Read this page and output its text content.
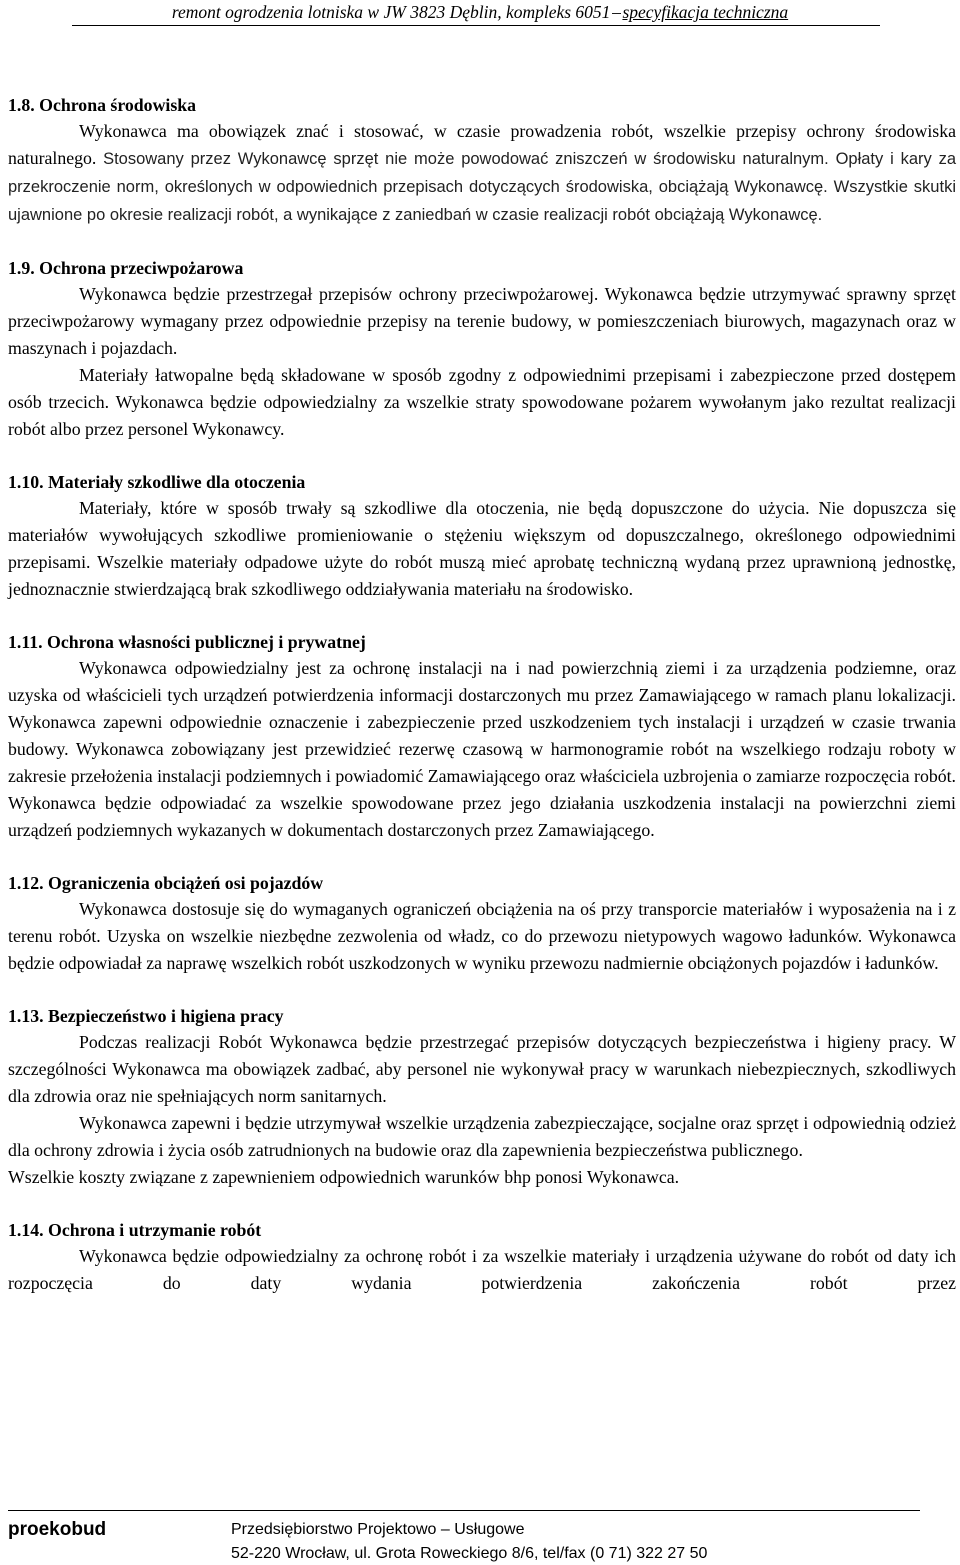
remont ogrodzenia lotniska w JW 3823 Dęblin, kompleks 6051–specyfikacja techniczna
1.8. Ochrona środowiska

Wykonawca ma obowiązek znać i stosować, w czasie prowadzenia robót, wszelkie przepisy ochrony środowiska naturalnego. Stosowany przez Wykonawcę sprzęt nie może powodować zniszczeń w środowisku naturalnym. Opłaty i kary za przekroczenie norm, określonych w odpowiednich przepisach dotyczących środowiska, obciążają Wykonawcę. Wszystkie skutki ujawnione po okresie realizacji robót, a wynikające z zaniedbań w czasie realizacji robót obciążają Wykonawcę.

1.9. Ochrona przeciwpożarowa

Wykonawca będzie przestrzegał przepisów ochrony przeciwpożarowej. Wykonawca będzie utrzymywać sprawny sprzęt przeciwpożarowy wymagany przez odpowiednie przepisy na terenie budowy, w pomieszczeniach biurowych, magazynach oraz w maszynach i pojazdach.

Materiały łatwopalne będą składowane w sposób zgodny z odpowiednimi przepisami i zabezpieczone przed dostępem osób trzecich. Wykonawca będzie odpowiedzialny za wszelkie straty spowodowane pożarem wywołanym jako rezultat realizacji robót albo przez personel Wykonawcy.

1.10. Materiały szkodliwe dla otoczenia

Materiały, które w sposób trwały są szkodliwe dla otoczenia, nie będą dopuszczone do użycia. Nie dopuszcza się materiałów wywołujących szkodliwe promieniowanie o stężeniu większym od dopuszczalnego, określonego odpowiednimi przepisami. Wszelkie materiały odpadowe użyte do robót muszą mieć aprobatę techniczną wydaną przez uprawnioną jednostkę, jednoznacznie stwierdzającą brak szkodliwego oddziaływania materiału na środowisko.

1.11. Ochrona własności publicznej i prywatnej

Wykonawca odpowiedzialny jest za ochronę instalacji na i nad powierzchnią ziemi i za urządzenia podziemne, oraz uzyska od właścicieli tych urządzeń potwierdzenia informacji dostarczonych mu przez Zamawiającego w ramach planu lokalizacji. Wykonawca zapewni odpowiednie oznaczenie i zabezpieczenie przed uszkodzeniem tych instalacji i urządzeń w czasie trwania budowy. Wykonawca zobowiązany jest przewidzieć rezerwę czasową w harmonogramie robót na wszelkiego rodzaju roboty w zakresie przełożenia instalacji podziemnych i powiadomić Zamawiającego oraz właściciela uzbrojenia o zamiarze rozpoczęcia robót. Wykonawca będzie odpowiadać za wszelkie spowodowane przez jego działania uszkodzenia instalacji na powierzchni ziemi urządzeń podziemnych wykazanych w dokumentach dostarczonych przez Zamawiającego.

1.12. Ograniczenia obciążeń osi pojazdów

Wykonawca dostosuje się do wymaganych ograniczeń obciążenia na oś przy transporcie materiałów i wyposażenia na i z terenu robót. Uzyska on wszelkie niezbędne zezwolenia od władz, co do przewozu nietypowych wagowo ładunków. Wykonawca będzie odpowiadał za naprawę wszelkich robót uszkodzonych w wyniku przewozu nadmiernie obciążonych pojazdów i ładunków.

1.13. Bezpieczeństwo i higiena pracy

Podczas realizacji Robót Wykonawca będzie przestrzegać przepisów dotyczących bezpieczeństwa i higieny pracy. W szczególności Wykonawca ma obowiązek zadbać, aby personel nie wykonywał pracy w warunkach niebezpiecznych, szkodliwych dla zdrowia oraz nie spełniających norm sanitarnych.

Wykonawca zapewni i będzie utrzymywał wszelkie urządzenia zabezpieczające, socjalne oraz sprzęt i odpowiednią odzież dla ochrony zdrowia i życia osób zatrudnionych na budowie oraz dla zapewnienia bezpieczeństwa publicznego.

Wszelkie koszty związane z zapewnieniem odpowiednich warunków bhp ponosi Wykonawca.

1.14. Ochrona i utrzymanie robót

Wykonawca będzie odpowiedzialny za ochronę robót i za wszelkie materiały i urządzenia używane do robót od daty ich rozpoczęcia do daty wydania potwierdzenia zakończenia robót przez

proekobud	Przedsiębiorstwo Projektowo – Usługowe
52-220 Wrocław, ul. Grota Roweckiego 8/6, tel/fax (0 71) 322 27 50
